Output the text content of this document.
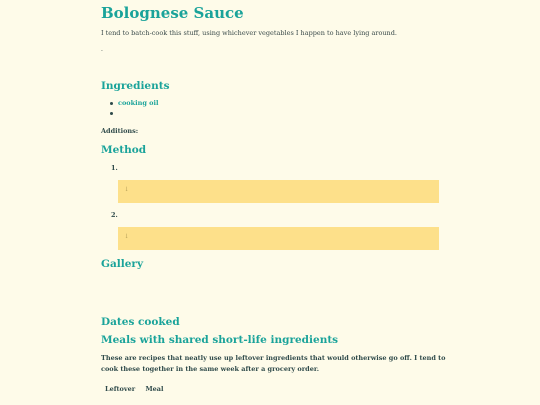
Bolognese Sauce
I tend to batch-cook this stuff, using whichever vegetables I happen to have lying around.
.
Ingredients
cooking oil
Additions:
Method
1.
↓
2.
↓
Gallery
Dates cooked
Meals with shared short-life ingredients
These are recipes that neatly use up leftover ingredients that would otherwise go off. I tend to cook these together in the same week after a grocery order.
Leftover Meal
